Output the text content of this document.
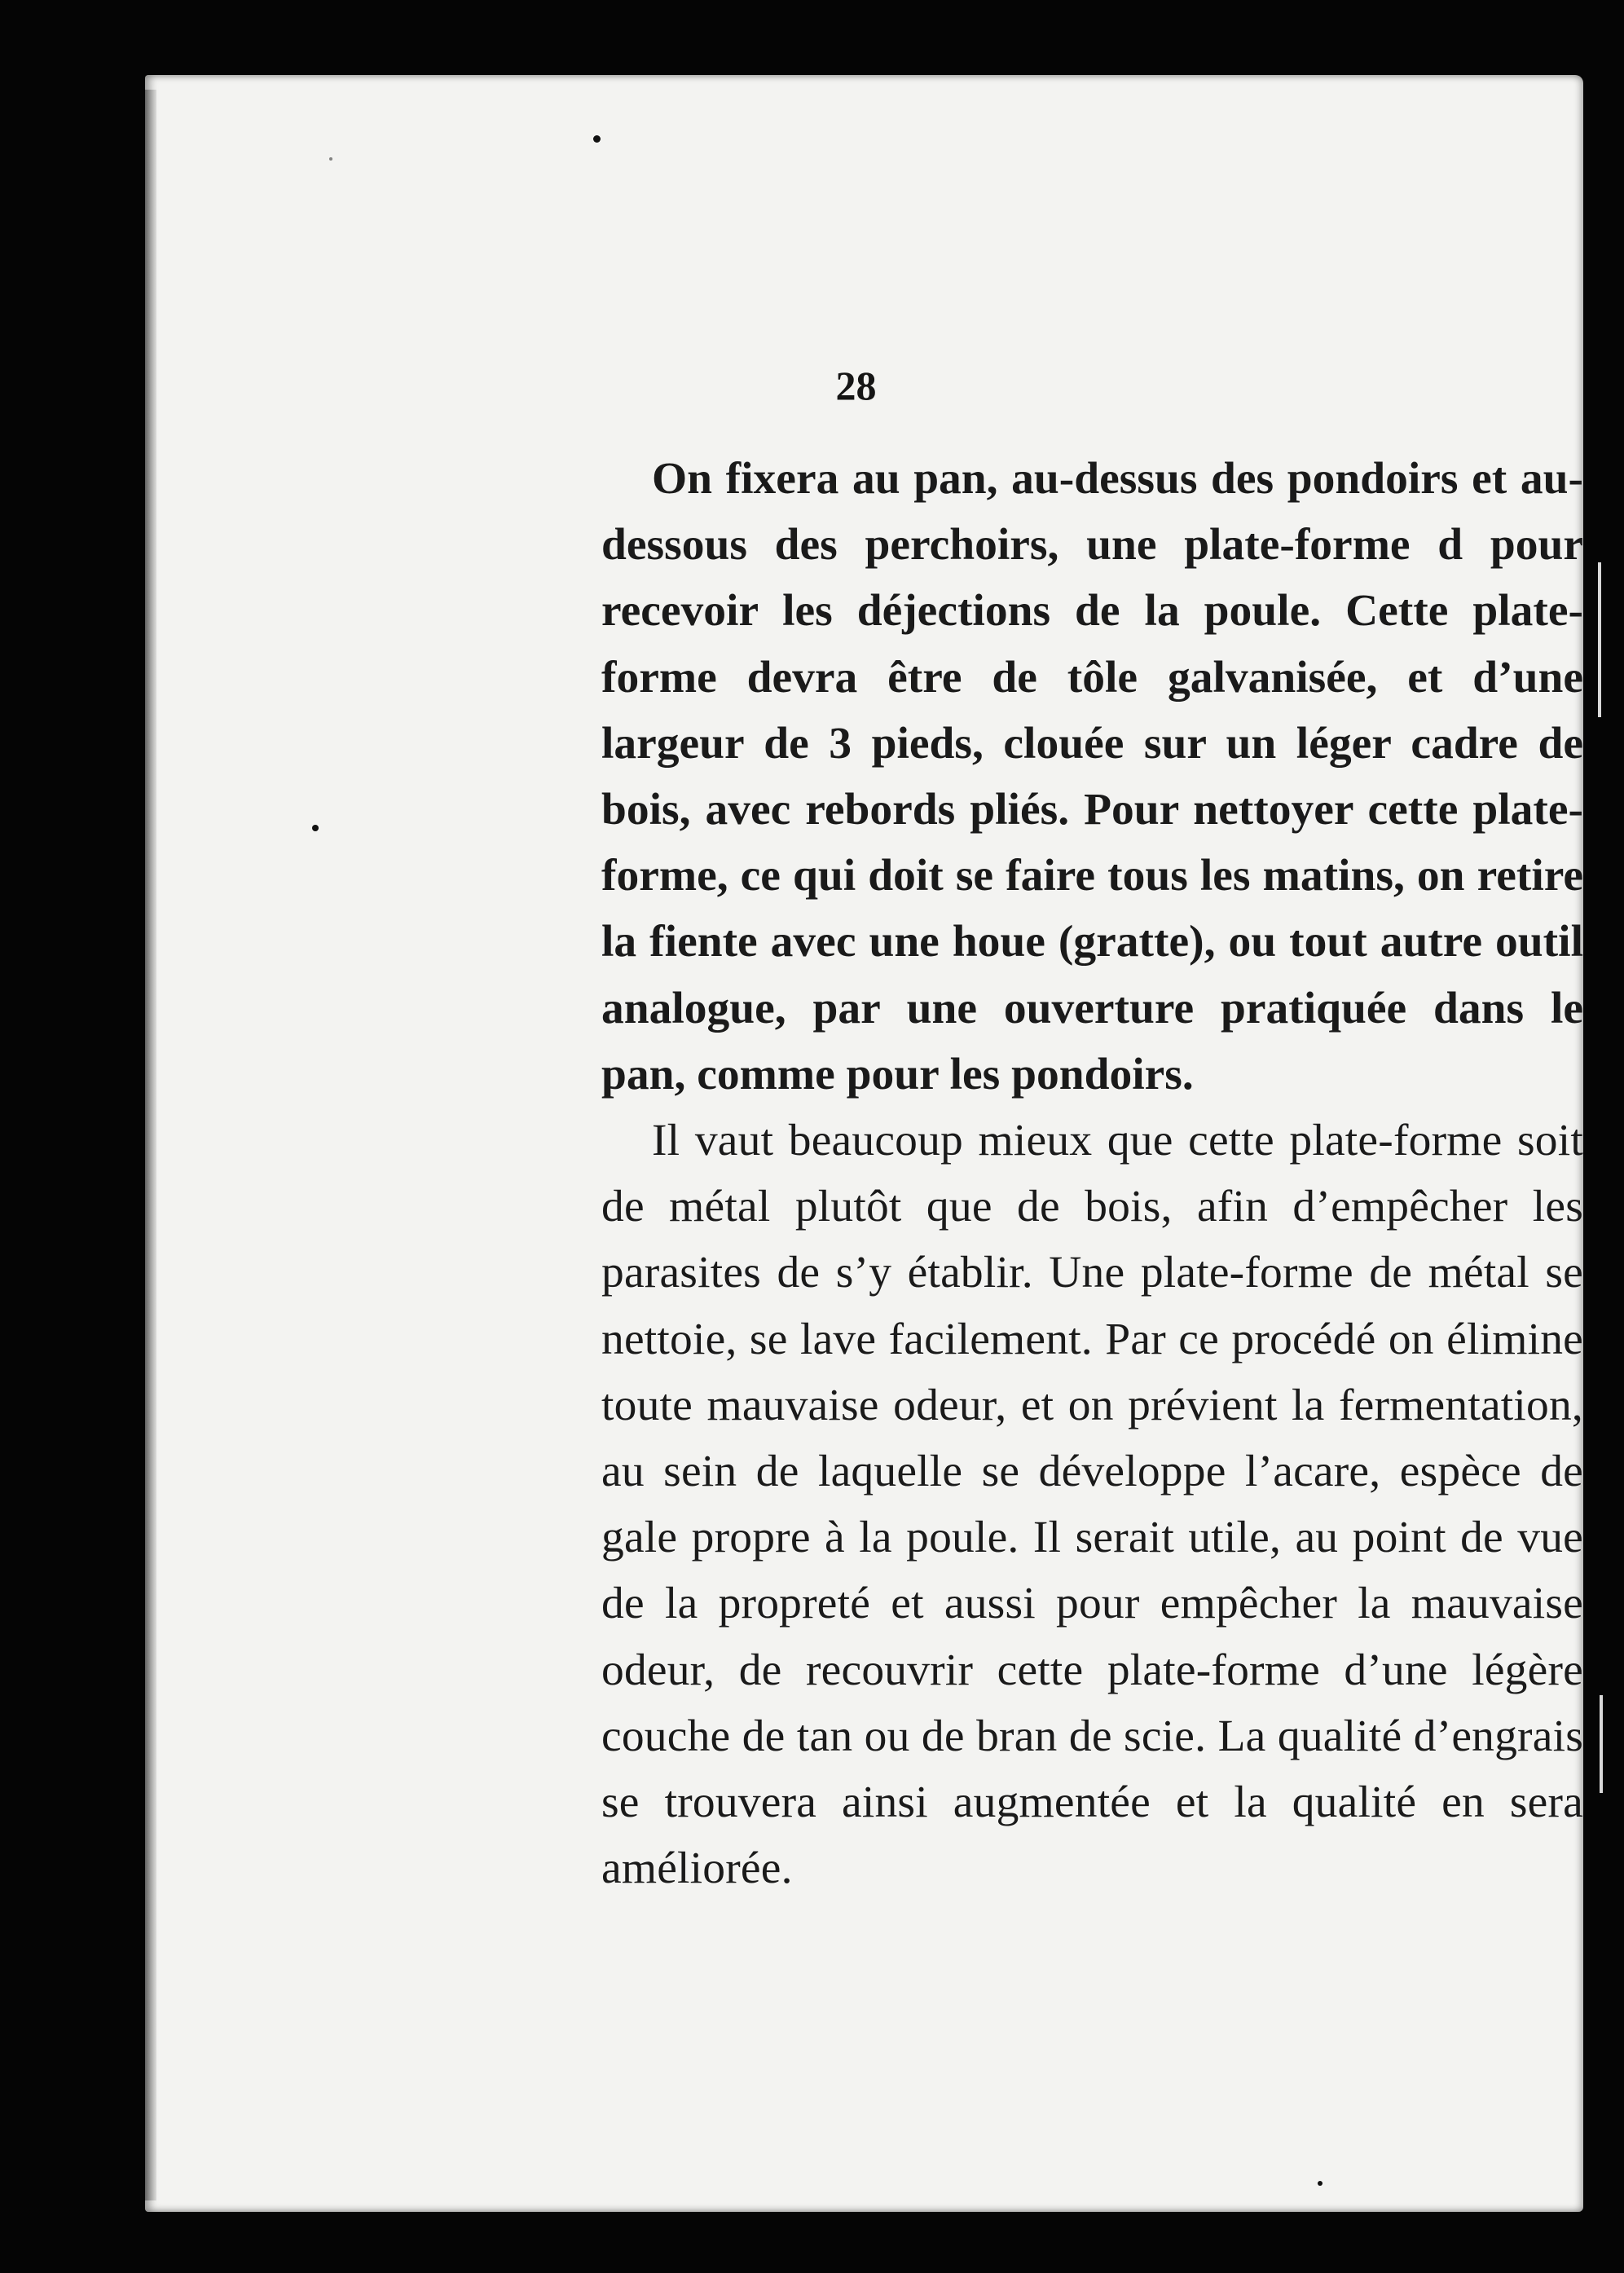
28

On fixera au pan, au-dessus des pondoirs et au-dessous des perchoirs, une plate-forme d pour recevoir les déjections de la poule. Cette plate-forme devra être de tôle galvanisée, et d’une largeur de 3 pieds, clouée sur un léger cadre de bois, avec rebords pliés. Pour nettoyer cette plate-forme, ce qui doit se faire tous les matins, on retire la fiente avec une houe (gratte), ou tout autre outil analogue, par une ouverture pratiquée dans le pan, comme pour les pondoirs.

Il vaut beaucoup mieux que cette plate-forme soit de métal plutôt que de bois, afin d’empêcher les parasites de s’y établir. Une plate-forme de métal se nettoie, se lave facilement. Par ce procédé on élimine toute mauvaise odeur, et on prévient la fermentation, au sein de laquelle se développe l’acare, espèce de gale propre à la poule. Il serait utile, au point de vue de la propreté et aussi pour empêcher la mauvaise odeur, de recouvrir cette plate-forme d’une légère couche de tan ou de bran de scie. La qualité d’engrais se trouvera ainsi augmentée et la qualité en sera améliorée.
